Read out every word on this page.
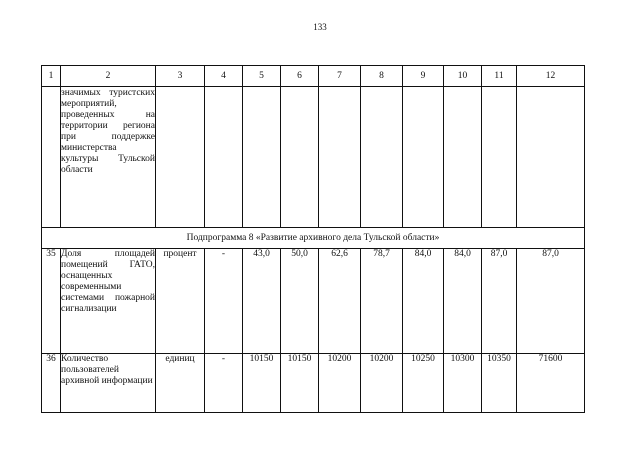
133
1	2	3	4	5	6	7	8	9	10	11	12
	значимых туристских мероприятий, проведенных на территории региона при поддержке министерства культуры Тульской области										
Подпрограмма 8 «Развитие архивного дела Тульской области»											
35	Доля площадей помещений ГАТО, оснащенных современными системами пожарной сигнализации	процент	-	43,0	50,0	62,6	78,7	84,0	84,0	87,0	87,0
36	Количество пользователей архивной информации	единиц	-	10150	10150	10200	10200	10250	10300	10350	71600
